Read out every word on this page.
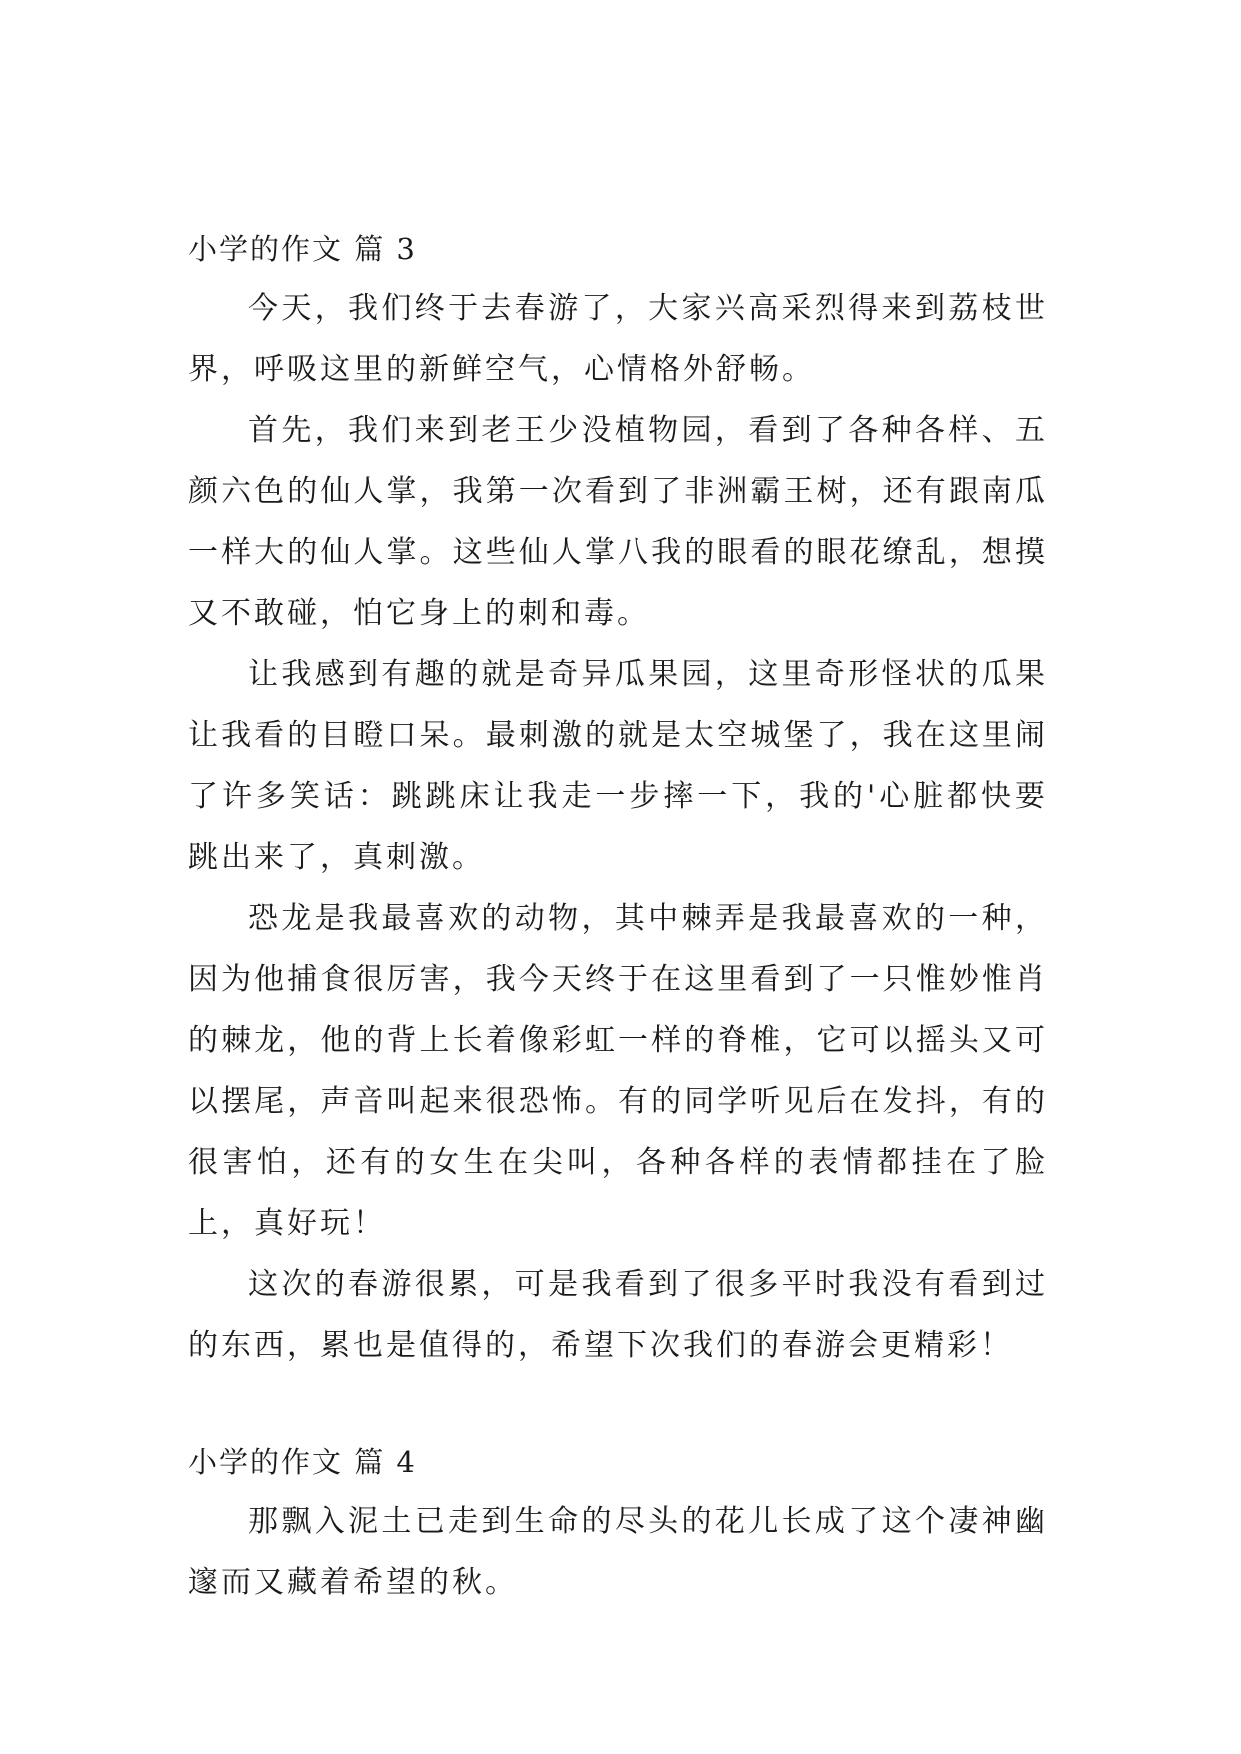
小学的作文 篇 3

今天，我们终于去春游了，大家兴高采烈得来到荔枝世界，呼吸这里的新鲜空气，心情格外舒畅。

首先，我们来到老王少没植物园，看到了各种各样、五颜六色的仙人掌，我第一次看到了非洲霸王树，还有跟南瓜一样大的仙人掌。这些仙人掌八我的眼看的眼花缭乱，想摸又不敢碰，怕它身上的刺和毒。

让我感到有趣的就是奇异瓜果园，这里奇形怪状的瓜果让我看的目瞪口呆。最刺激的就是太空城堡了，我在这里闹了许多笑话：跳跳床让我走一步摔一下，我的'心脏都快要跳出来了，真刺激。

恐龙是我最喜欢的动物，其中棘弄是我最喜欢的一种，因为他捕食很厉害，我今天终于在这里看到了一只惟妙惟肖的棘龙，他的背上长着像彩虹一样的脊椎，它可以摇头又可以摆尾，声音叫起来很恐怖。有的同学听见后在发抖，有的很害怕，还有的女生在尖叫，各种各样的表情都挂在了脸上，真好玩！

这次的春游很累，可是我看到了很多平时我没有看到过的东西，累也是值得的，希望下次我们的春游会更精彩！

小学的作文 篇 4

那飘入泥土已走到生命的尽头的花儿长成了这个凄神幽邃而又藏着希望的秋。
